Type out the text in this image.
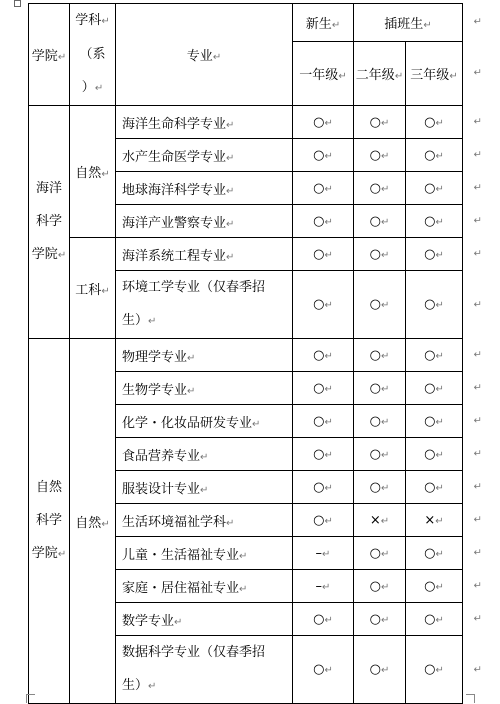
学院↵	学科↵
（系
）↵	专业↵	新生↵	插班生↵ ↵	

			一年级↵	二年级↵	三年级↵ ↵

海洋
科学
学院↵	自然↵	海洋生命科学专业↵	○↵	○↵	○↵ ↵

		水产生命医学专业↵	○↵	○↵	○↵ ↵

		地球海洋科学专业↵	○↵	○↵	○↵ ↵

		海洋产业警察专业↵	○↵	○↵	○↵ ↵

	工科↵	海洋系统工程专业↵	○↵	○↵	○↵ ↵

		环境工学专业（仅春季招
生）↵	○↵	○↵	○↵ ↵

自然
科学
学院↵	自然↵	物理学专业↵	○↵	○↵	○↵ ↵

		生物学专业↵	○↵	○↵	○↵ ↵

		化学・化妆品研发专业↵	○↵	○↵	○↵ ↵

		食品营养专业↵	○↵	○↵	○↵ ↵

		服装设计专业↵	○↵	○↵	○↵ ↵

		生活环境福祉学科↵	○↵	×↵	×↵ ↵

		儿童・生活福祉专业↵	–↵	○↵	○↵ ↵

		家庭・居住福祉专业↵	–↵	○↵	○↵ ↵

		数学专业↵	○↵	○↵	○↵ ↵

		数据科学专业（仅春季招
生）↵	○↵	○↵	○↵ ↵
